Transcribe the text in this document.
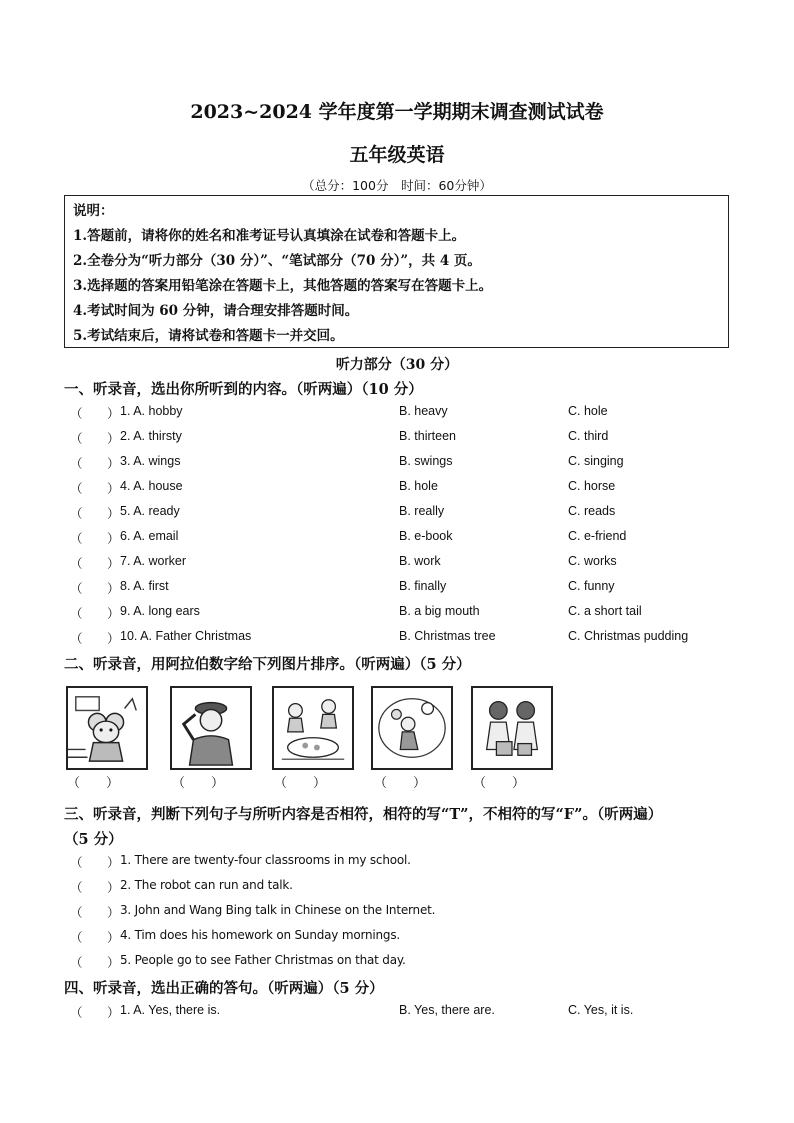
2023~2024 学年度第一学期期末调查测试试卷
五年级英语
（总分：100分　时间：60分钟）
说明：
1.答题前，请将你的姓名和准考证号认真填涂在试卷和答题卡上。
2.全卷分为“听力部分（30 分）”、“笔试部分（70 分）”，共 4 页。
3.选择题的答案用铅笔涂在答题卡上，其他答题的答案写在答题卡上。
4.考试时间为 60 分钟，请合理安排答题时间。
5.考试结束后，请将试卷和答题卡一并交回。
听力部分（30 分）
一、听录音，选出你所听到的内容。（听两遍）（10 分）
（ ） 1. A. hobby	B. heavy	C. hole
（ ） 2. A. thirsty	B. thirteen	C. third
（ ） 3. A. wings	B. swings	C. singing
（ ） 4. A. house	B. hole	C. horse
（ ） 5. A. ready	B. really	C. reads
（ ） 6. A. email	B. e-book	C. e-friend
（ ） 7. A. worker	B. work	C. works
（ ） 8. A. first	B. finally	C. funny
（ ） 9. A. long ears	B. a big mouth	C. a short tail
（ ） 10. A. Father Christmas	B. Christmas tree	C. Christmas pudding
二、听录音，用阿拉伯数字给下列图片排序。（听两遍）（5 分）
（　　）	（　　）	（　　）	（　　）	（　　）
三、听录音，判断下列句子与所听内容是否相符，相符的写“T”，不相符的写“F”。（听两遍）
（5 分）
（ ） 1. There are twenty-four classrooms in my school.
（ ） 2. The robot can run and talk.
（ ） 3. John and Wang Bing talk in Chinese on the Internet.
（ ） 4. Tim does his homework on Sunday mornings.
（ ） 5. People go to see Father Christmas on that day.
四、听录音，选出正确的答句。（听两遍）（5 分）
（ ） 1. A. Yes, there is.	B. Yes, there are.	C. Yes, it is.
